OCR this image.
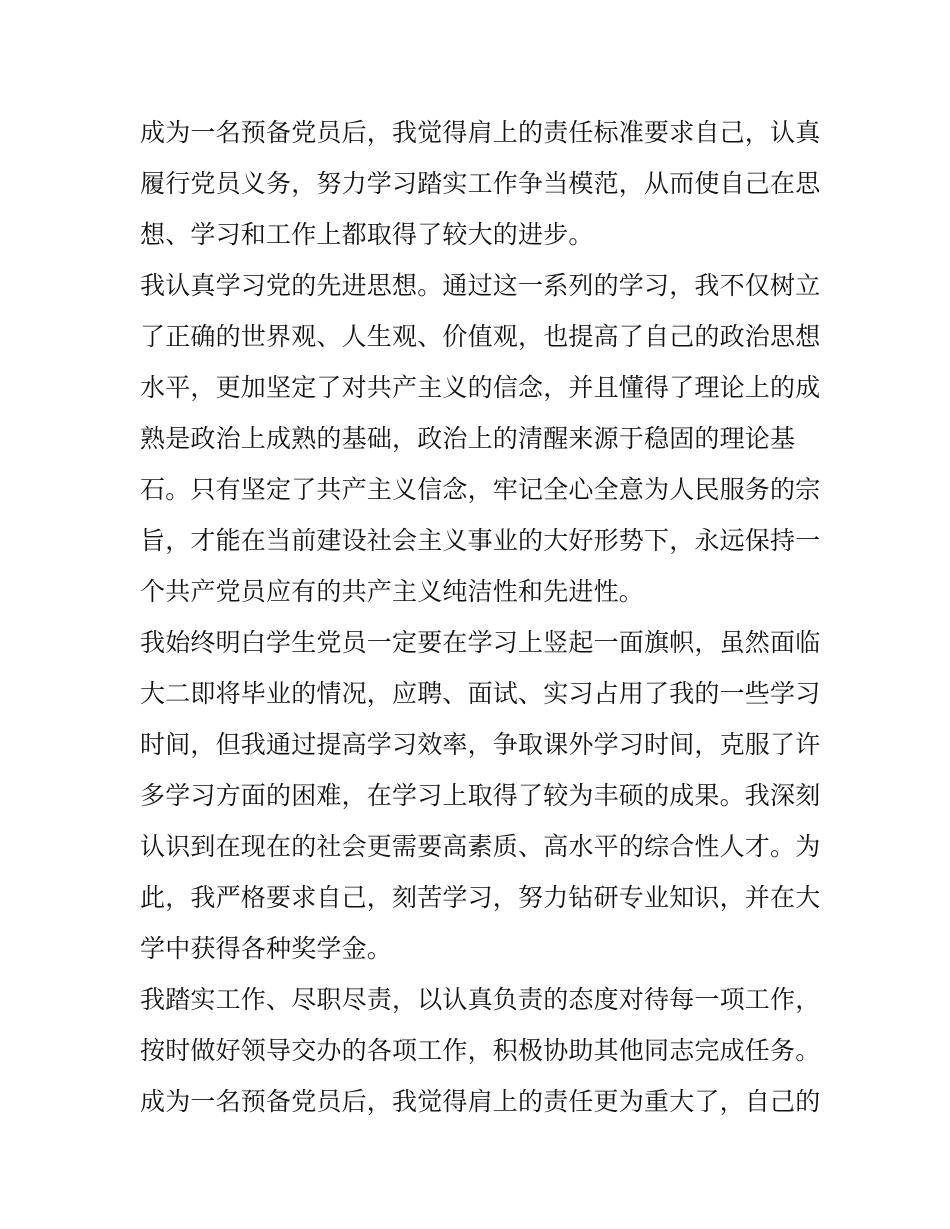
成为一名预备党员后，我觉得肩上的责任标准要求自己，认真
履行党员义务，努力学习踏实工作争当模范，从而使自己在思
想、学习和工作上都取得了较大的进步。
我认真学习党的先进思想。通过这一系列的学习，我不仅树立
了正确的世界观、人生观、价值观，也提高了自己的政治思想
水平，更加坚定了对共产主义的信念，并且懂得了理论上的成
熟是政治上成熟的基础，政治上的清醒来源于稳固的理论基
石。只有坚定了共产主义信念，牢记全心全意为人民服务的宗
旨，才能在当前建设社会主义事业的大好形势下，永远保持一
个共产党员应有的共产主义纯洁性和先进性。
我始终明白学生党员一定要在学习上竖起一面旗帜，虽然面临
大二即将毕业的情况，应聘、面试、实习占用了我的一些学习
时间，但我通过提高学习效率，争取课外学习时间，克服了许
多学习方面的困难，在学习上取得了较为丰硕的成果。我深刻
认识到在现在的社会更需要高素质、高水平的综合性人才。为
此，我严格要求自己，刻苦学习，努力钻研专业知识，并在大
学中获得各种奖学金。
我踏实工作、尽职尽责，以认真负责的态度对待每一项工作，
按时做好领导交办的各项工作，积极协助其他同志完成任务。
成为一名预备党员后，我觉得肩上的责任更为重大了，自己的
